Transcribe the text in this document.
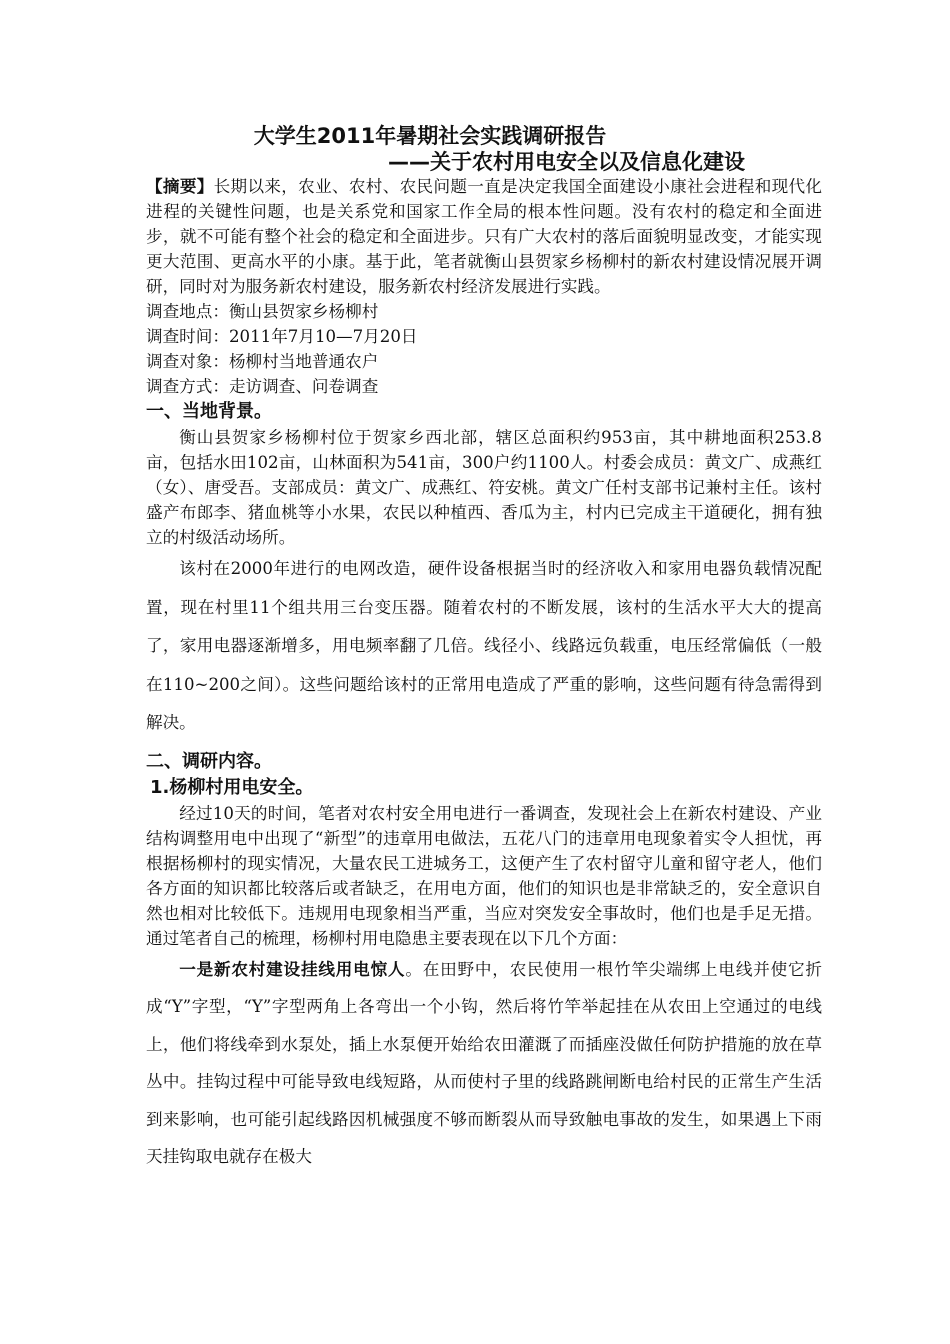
大学生2011年暑期社会实践调研报告
——关于农村用电安全以及信息化建设

【摘要】长期以来，农业、农村、农民问题一直是决定我国全面建设小康社会进程和现代化进程的关键性问题，也是关系党和国家工作全局的根本性问题。没有农村的稳定和全面进步，就不可能有整个社会的稳定和全面进步。只有广大农村的落后面貌明显改变，才能实现更大范围、更高水平的小康。基于此，笔者就衡山县贺家乡杨柳村的新农村建设情况展开调研，同时对为服务新农村建设，服务新农村经济发展进行实践。

调查地点：衡山县贺家乡杨柳村

调查时间：2011年7月10—7月20日

调查对象：杨柳村当地普通农户

调查方式：走访调查、问卷调查

一、当地背景。

衡山县贺家乡杨柳村位于贺家乡西北部，辖区总面积约953亩，其中耕地面积253.8亩，包括水田102亩，山林面积为541亩，300户约1100人。村委会成员：黄文广、成燕红（女）、唐受吾。支部成员：黄文广、成燕红、符安桃。黄文广任村支部书记兼村主任。该村盛产布郎李、猪血桃等小水果，农民以种植西、香瓜为主，村内已完成主干道硬化，拥有独立的村级活动场所。

该村在2000年进行的电网改造，硬件设备根据当时的经济收入和家用电器负载情况配置，现在村里11个组共用三台变压器。随着农村的不断发展，该村的生活水平大大的提高了，家用电器逐渐增多，用电频率翻了几倍。线径小、线路远负载重，电压经常偏低（一般在110~200之间）。这些问题给该村的正常用电造成了严重的影响，这些问题有待急需得到解决。

二、调研内容。
1.杨柳村用电安全。

经过10天的时间，笔者对农村安全用电进行一番调查，发现社会上在新农村建设、产业结构调整用电中出现了“新型”的违章用电做法，五花八门的违章用电现象着实令人担忧，再根据杨柳村的现实情况，大量农民工进城务工，这便产生了农村留守儿童和留守老人，他们各方面的知识都比较落后或者缺乏，在用电方面，他们的知识也是非常缺乏的，安全意识自然也相对比较低下。违规用电现象相当严重，当应对突发安全事故时，他们也是手足无措。通过笔者自己的梳理，杨柳村用电隐患主要表现在以下几个方面：

一是新农村建设挂线用电惊人。在田野中，农民使用一根竹竿尖端绑上电线并使它折成“Y”字型，“Y”字型两角上各弯出一个小钩，然后将竹竿举起挂在从农田上空通过的电线上，他们将线牵到水泵处，插上水泵便开始给农田灌溉了而插座没做任何防护措施的放在草丛中。挂钩过程中可能导致电线短路，从而使村子里的线路跳闸断电给村民的正常生产生活到来影响，也可能引起线路因机械强度不够而断裂从而导致触电事故的发生，如果遇上下雨天挂钩取电就存在极大
